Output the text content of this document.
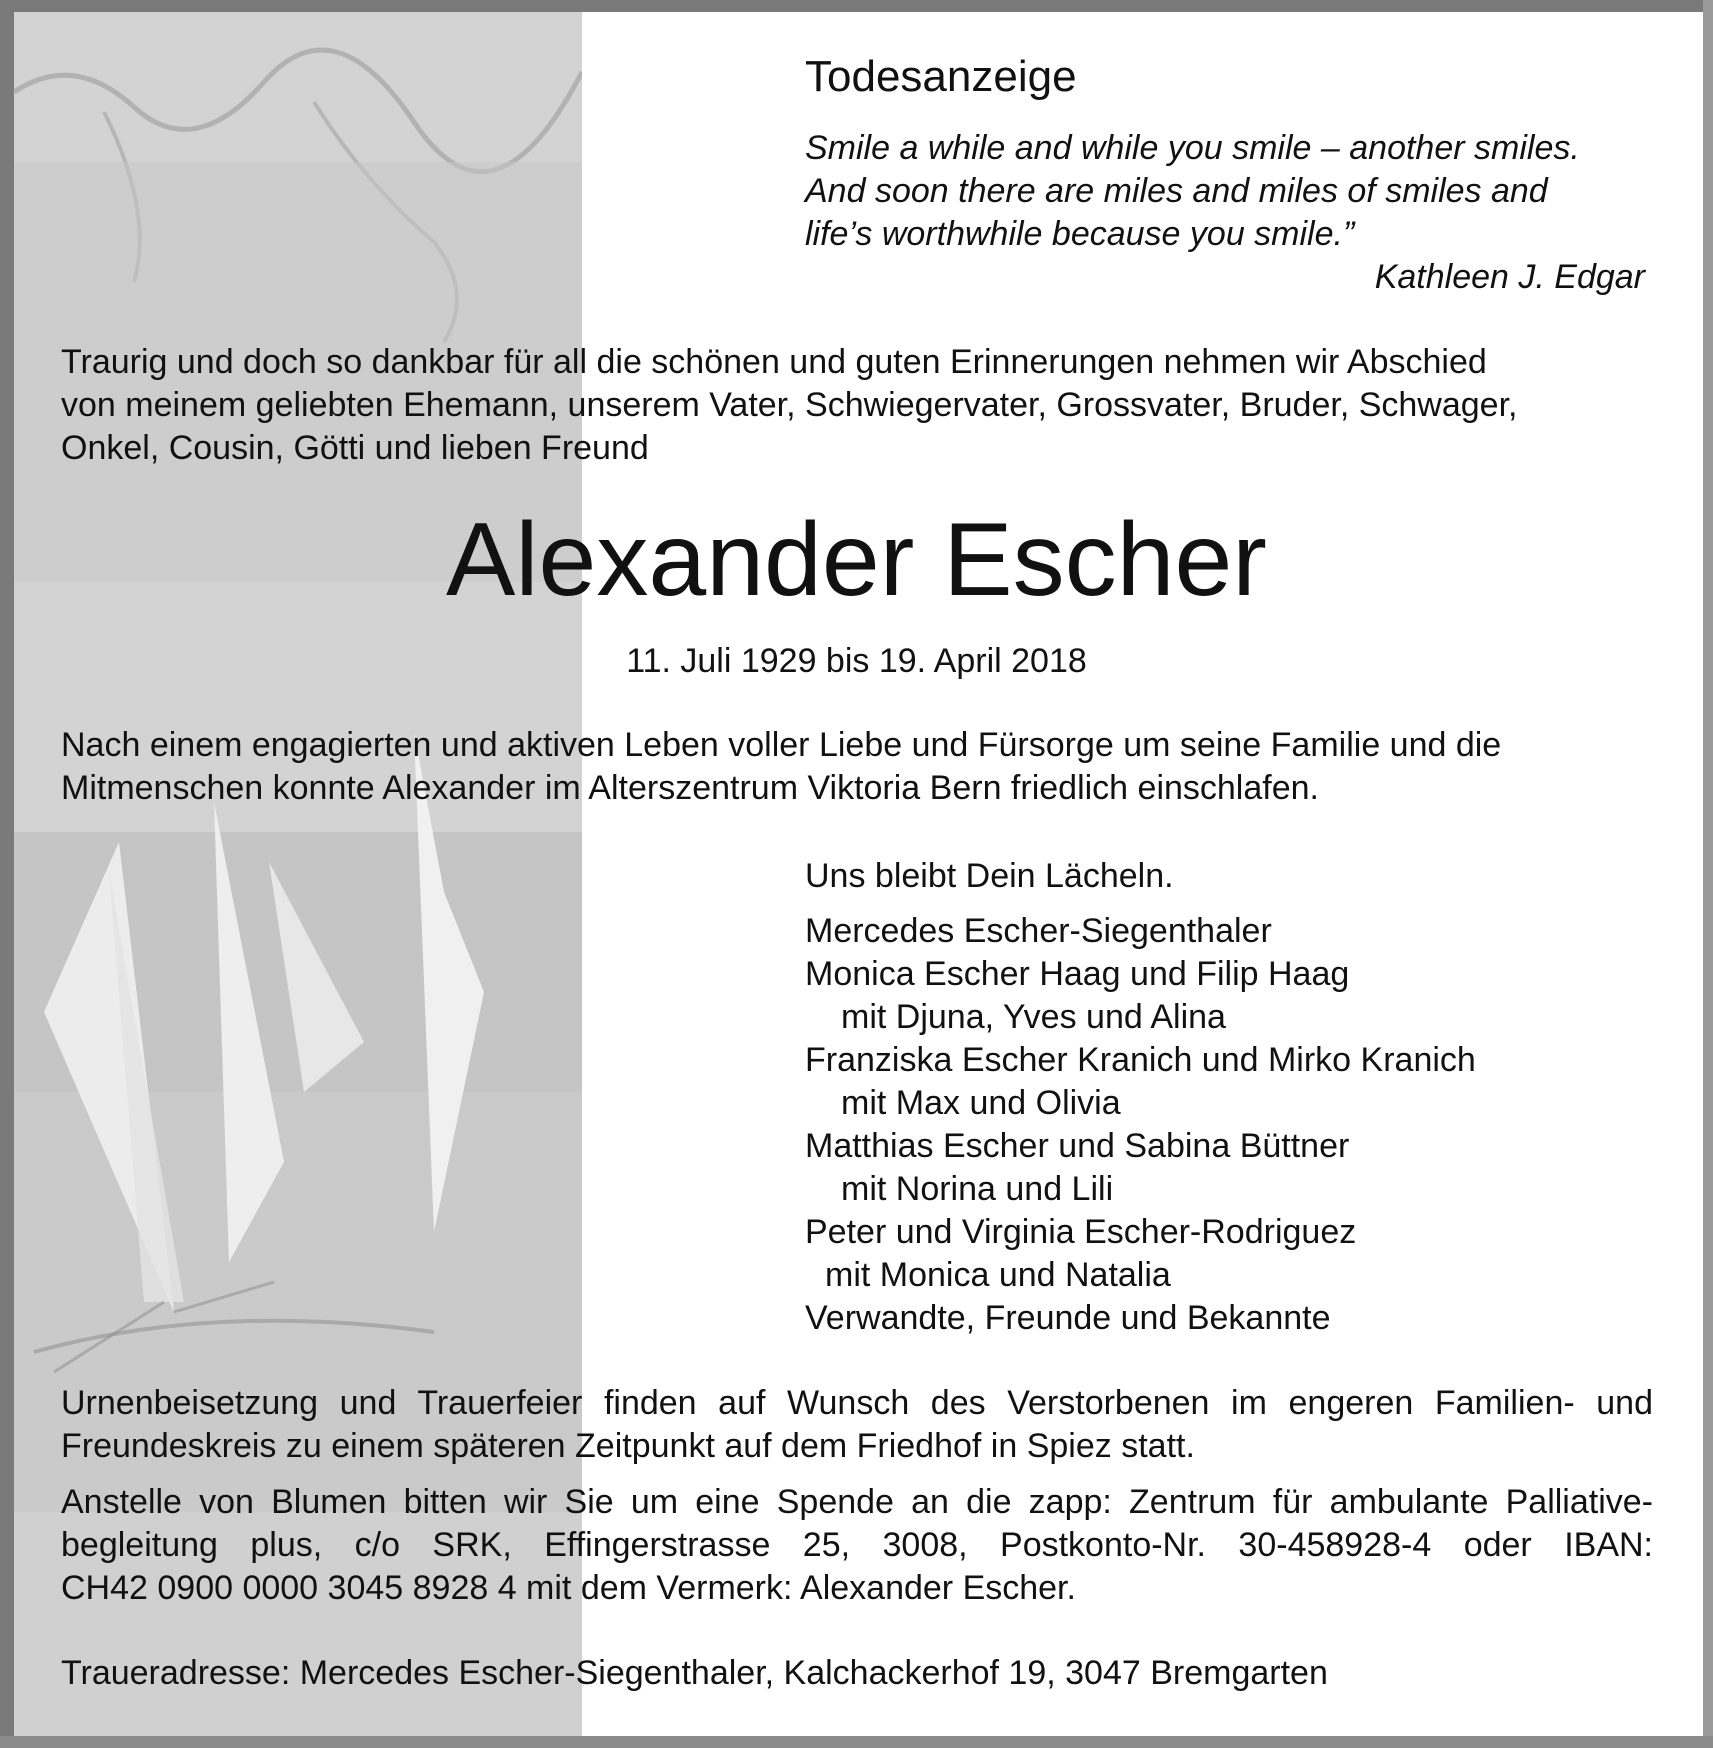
Todesanzeige
Smile a while and while you smile – another smiles.
And soon there are miles and miles of smiles and
life’s worthwhile because you smile.”
Kathleen J. Edgar
Traurig und doch so dankbar für all die schönen und guten Erinnerungen nehmen wir Abschied
von meinem geliebten Ehemann, unserem Vater, Schwiegervater, Grossvater, Bruder, Schwager,
Onkel, Cousin, Götti und lieben Freund
Alexander Escher
11. Juli 1929 bis 19. April 2018
Nach einem engagierten und aktiven Leben voller Liebe und Fürsorge um seine Familie und die
Mitmenschen konnte Alexander im Alterszentrum Viktoria Bern friedlich einschlafen.
Uns bleibt Dein Lächeln.
Mercedes Escher-Siegenthaler
Monica Escher Haag und Filip Haag
mit Djuna, Yves und Alina
Franziska Escher Kranich und Mirko Kranich
mit Max und Olivia
Matthias Escher und Sabina Büttner
mit Norina und Lili
Peter und Virginia Escher-Rodriguez
mit Monica und Natalia
Verwandte, Freunde und Bekannte
Urnenbeisetzung und Trauerfeier finden auf Wunsch des Verstorbenen im engeren Familien- und Freundeskreis zu einem späteren Zeitpunkt auf dem Friedhof in Spiez statt.
Anstelle von Blumen bitten wir Sie um eine Spende an die zapp: Zentrum für ambulante Palliative-
begleitung plus, c/o SRK, Effingerstrasse 25, 3008, Postkonto-Nr. 30-458928-4 oder IBAN:
CH42 0900 0000 3045 8928 4 mit dem Vermerk: Alexander Escher.
Traueradresse: Mercedes Escher-Siegenthaler, Kalchackerhof 19, 3047 Bremgarten
